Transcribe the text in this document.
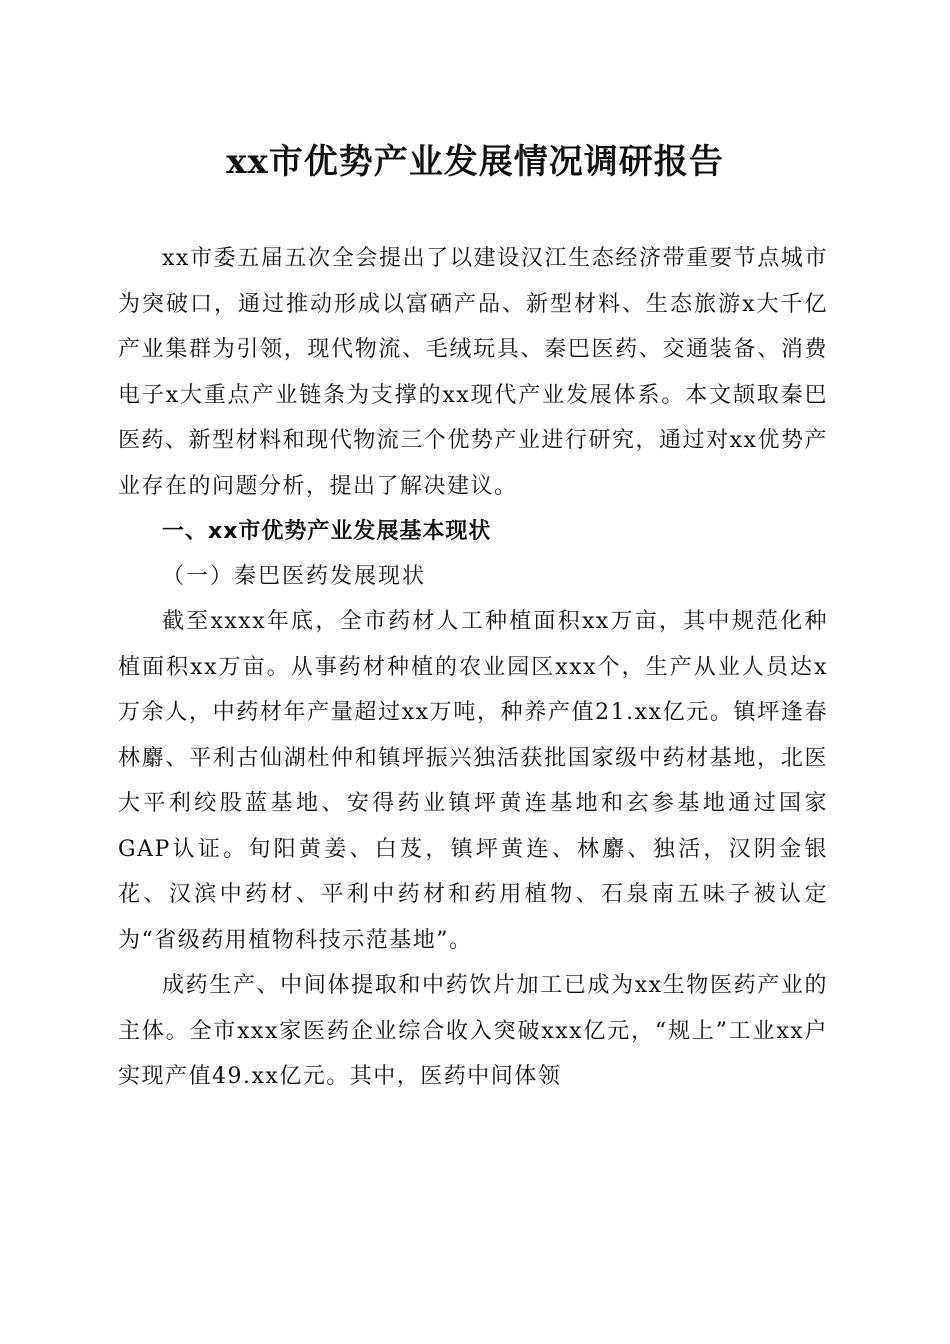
xx市优势产业发展情况调研报告

xx市委五届五次全会提出了以建设汉江生态经济带重要节点城市为突破口，通过推动形成以富硒产品、新型材料、生态旅游x大千亿产业集群为引领，现代物流、毛绒玩具、秦巴医药、交通装备、消费电子x大重点产业链条为支撑的xx现代产业发展体系。本文颉取秦巴医药、新型材料和现代物流三个优势产业进行研究，通过对xx优势产业存在的问题分析，提出了解决建议。

一、xx市优势产业发展基本现状

（一）秦巴医药发展现状

截至xxxx年底，全市药材人工种植面积xx万亩，其中规范化种植面积xx万亩。从事药材种植的农业园区xxx个，生产从业人员达x万余人，中药材年产量超过xx万吨，种养产值21.xx亿元。镇坪逢春林麝、平利古仙湖杜仲和镇坪振兴独活获批国家级中药材基地，北医大平利绞股蓝基地、安得药业镇坪黄连基地和玄参基地通过国家GAP认证。旬阳黄姜、白芨，镇坪黄连、林麝、独活，汉阴金银花、汉滨中药材、平利中药材和药用植物、石泉南五味子被认定为“省级药用植物科技示范基地”。

成药生产、中间体提取和中药饮片加工已成为xx生物医药产业的主体。全市xxx家医药企业综合收入突破xxx亿元，“规上”工业xx户实现产值49.xx亿元。其中，医药中间体领
